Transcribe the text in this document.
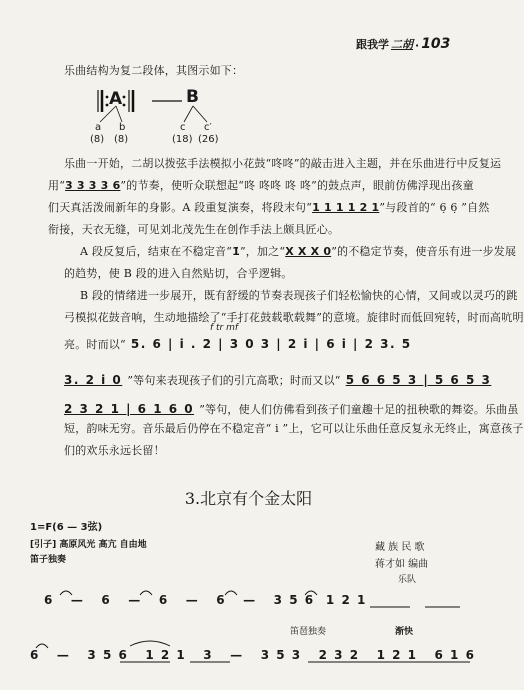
跟我学 二胡 · 103
乐曲结构为复二段体，其图示如下：
A	B
a b	c c′
(8) (8)	(18) (26)
乐曲一开始，二胡以拨弦手法模拟小花鼓“咚咚”的敲击进入主题，并在乐曲进行中反复运
用“3 3 3 3 6”的节奏，使听众联想起“咚 咚咚 咚 咚”的鼓点声，眼前仿佛浮现出孩童
们天真活泼闹新年的身影。A 段重复演奏，将段末句“1 1 1 1 2 1”与段首的“ 6̣ 6̣ ”自然
衔接，天衣无缝，可见刘北茂先生在创作手法上颇具匠心。
A 段反复后，结束在不稳定音“1̇”，加之“X X X 0”的不稳定节奏，使音乐有进一步发展
的趋势，使 B 段的进入自然贴切，合乎逻辑。
B 段的情绪进一步展开，既有舒缓的节奏表现孩子们轻松愉快的心情，又间或以灵巧的跳
弓模拟花鼓音响，生动地描绘了“手打花鼓载歌载舞”的意境。旋律时而低回宛转，时而高吭明
亮。时而以“ 5. 6 | i . 2 | 3 0 3 | 2 i | 6 i | 2 3. 5
f tr mf
3. 2 i 0 ”等句来表现孩子们的引亢高歌；时而又以“ 5 6 6 5 3 | 5 6 5 3
2 3 2 1 | 6 1 6 0 ”等句，使人们仿佛看到孩子们童趣十足的扭秧歌的舞姿。乐曲虽
短，韵味无穷。音乐最后仍停在不稳定音“ i ”上，它可以让乐曲任意反复永无终止，寓意孩子
们的欢乐永远长留！
3.北京有个金太阳
1=F(6 — 3弦)
[引子] 高原风光 高亢 自由地
笛子独奏
藏 族 民 歌
蒋才如 编曲
乐队
6   —   6   —   6   —   6   —   3 5 6  1 2 1
笛琶独奏	渐快
6   —   3 5 6   1 2 1   3   —   3 5 3   2 3 2   1 2 1   6 1 6
